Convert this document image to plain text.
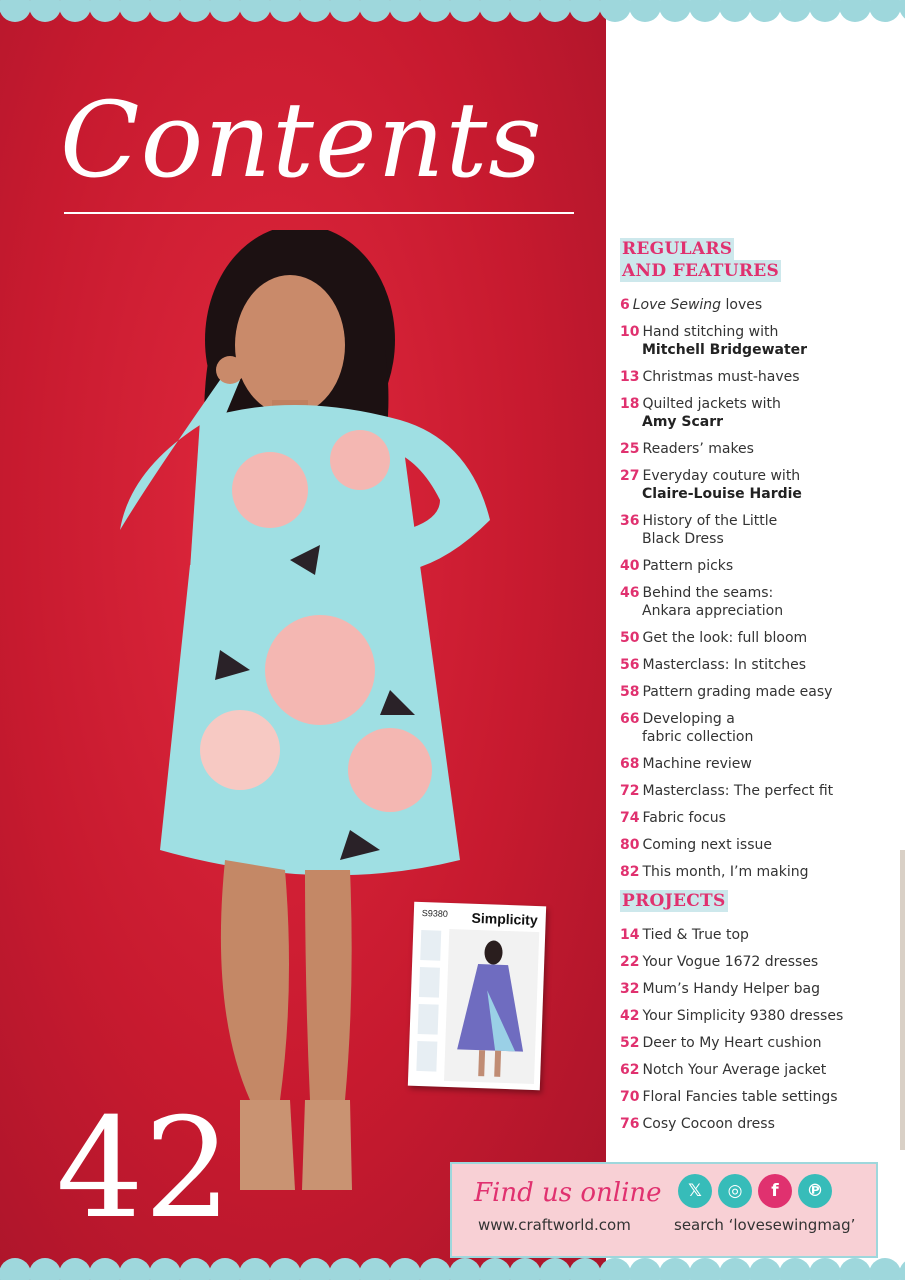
Contents
S9380 Simplicity
42
REGULARS
AND FEATURES
6 Love Sewing loves
10 Hand stitching with
Mitchell Bridgewater
13 Christmas must-haves
18 Quilted jackets with
Amy Scarr
25 Readers’ makes
27 Everyday couture with
Claire-Louise Hardie
36 History of the Little
Black Dress
40 Pattern picks
46 Behind the seams:
Ankara appreciation
50 Get the look: full bloom
56 Masterclass: In stitches
58 Pattern grading made easy
66 Developing a
fabric collection
68 Machine review
72 Masterclass: The perfect fit
74 Fabric focus
80 Coming next issue
82 This month, I’m making
PROJECTS
14 Tied & True top
22 Your Vogue 1672 dresses
32 Mum’s Handy Helper bag
42 Your Simplicity 9380 dresses
52 Deer to My Heart cushion
62 Notch Your Average jacket
70 Floral Fancies table settings
76 Cosy Cocoon dress
Find us online	𝕏	◎	f	℗
www.craftworld.com	search ‘lovesewingmag’
